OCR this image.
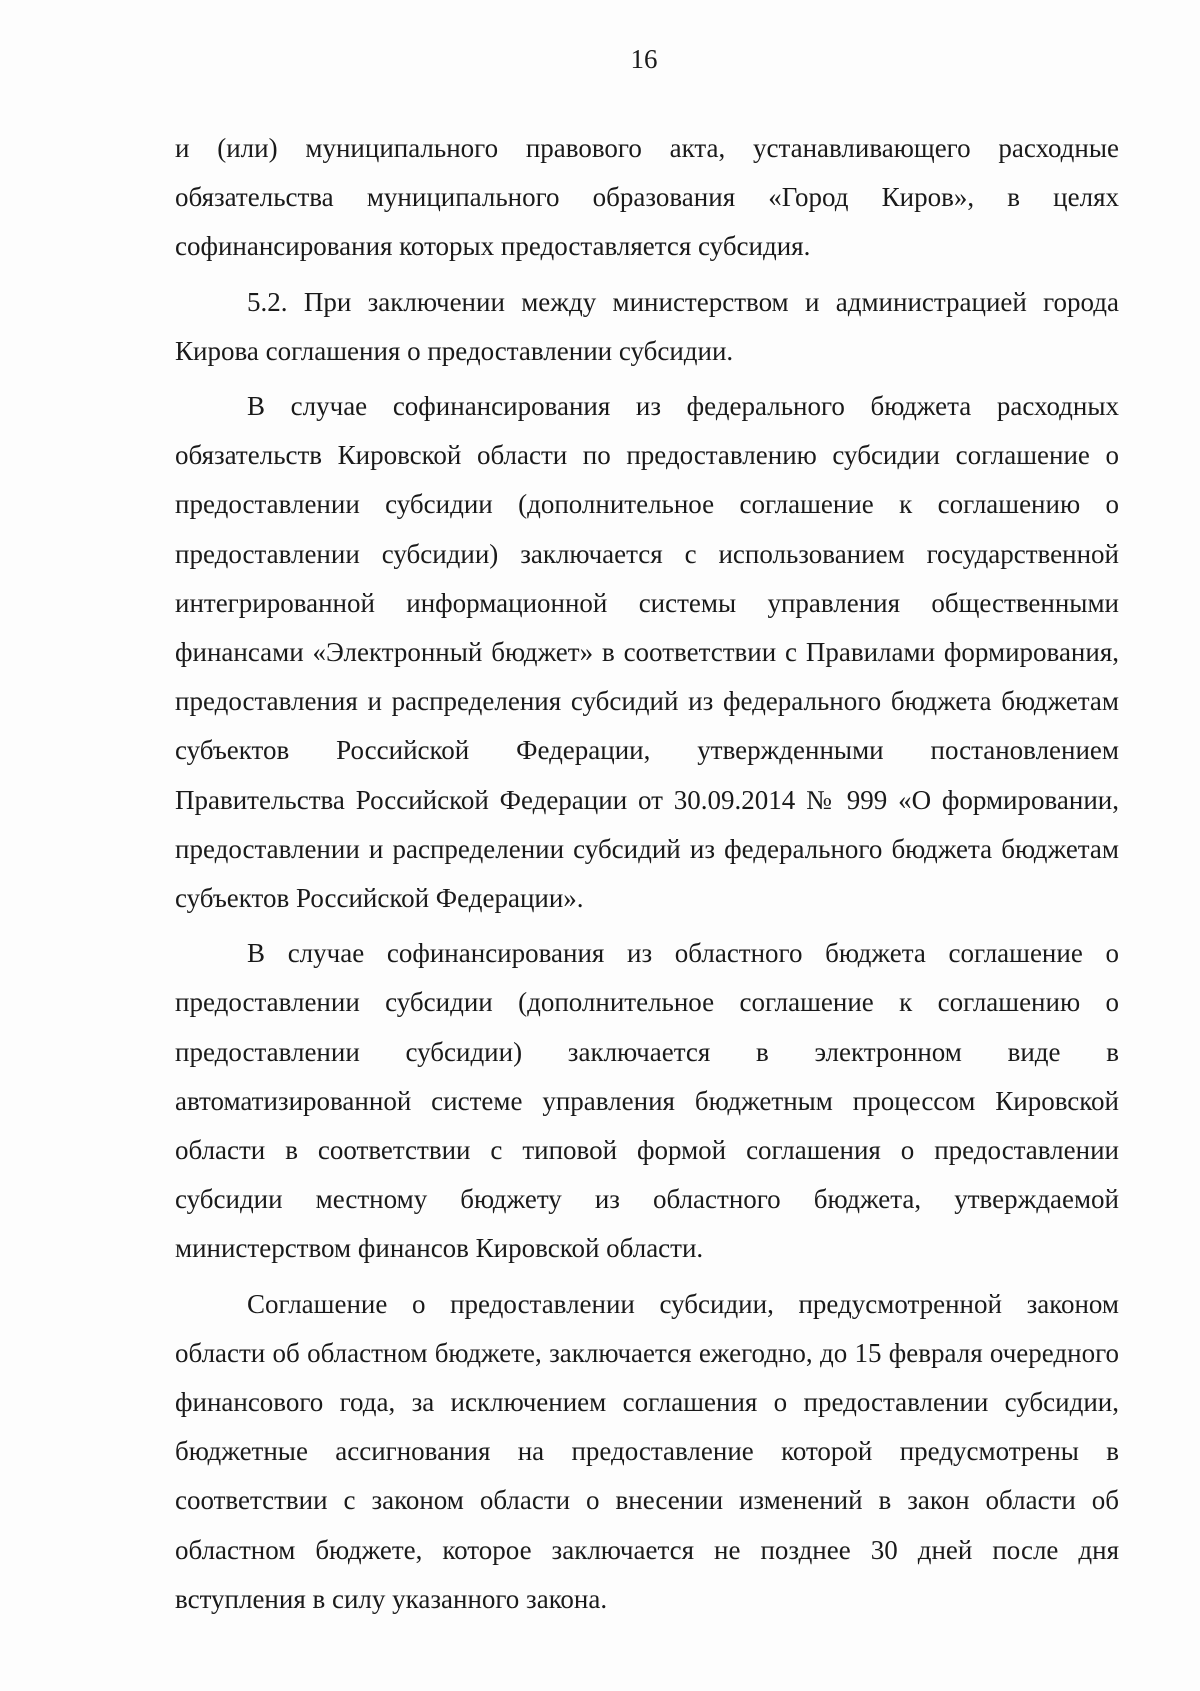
16

и (или) муниципального правового акта, устанавливающего расходные обязательства муниципального образования «Город Киров», в целях софинансирования которых предоставляется субсидия.

5.2. При заключении между министерством и администрацией города Кирова соглашения о предоставлении субсидии.

В случае софинансирования из федерального бюджета расходных обязательств Кировской области по предоставлению субсидии соглашение о предоставлении субсидии (дополнительное соглашение к соглашению о предоставлении субсидии) заключается с использованием государственной интегрированной информационной системы управления общественными финансами «Электронный бюджет» в соответствии с Правилами формирования, предоставления и распределения субсидий из федерального бюджета бюджетам субъектов Российской Федерации, утвержденными постановлением Правительства Российской Федерации от 30.09.2014 № 999 «О формировании, предоставлении и распределении субсидий из федерального бюджета бюджетам субъектов Российской Федерации».

В случае софинансирования из областного бюджета соглашение о предоставлении субсидии (дополнительное соглашение к соглашению о предоставлении субсидии) заключается в электронном виде в автоматизированной системе управления бюджетным процессом Кировской области в соответствии с типовой формой соглашения о предоставлении субсидии местному бюджету из областного бюджета, утверждаемой министерством финансов Кировской области.

Соглашение о предоставлении субсидии, предусмотренной законом области об областном бюджете, заключается ежегодно, до 15 февраля очередного финансового года, за исключением соглашения о предоставлении субсидии, бюджетные ассигнования на предоставление которой предусмотрены в соответствии с законом области о внесении изменений в закон области об областном бюджете, которое заключается не позднее 30 дней после дня вступления в силу указанного закона.
